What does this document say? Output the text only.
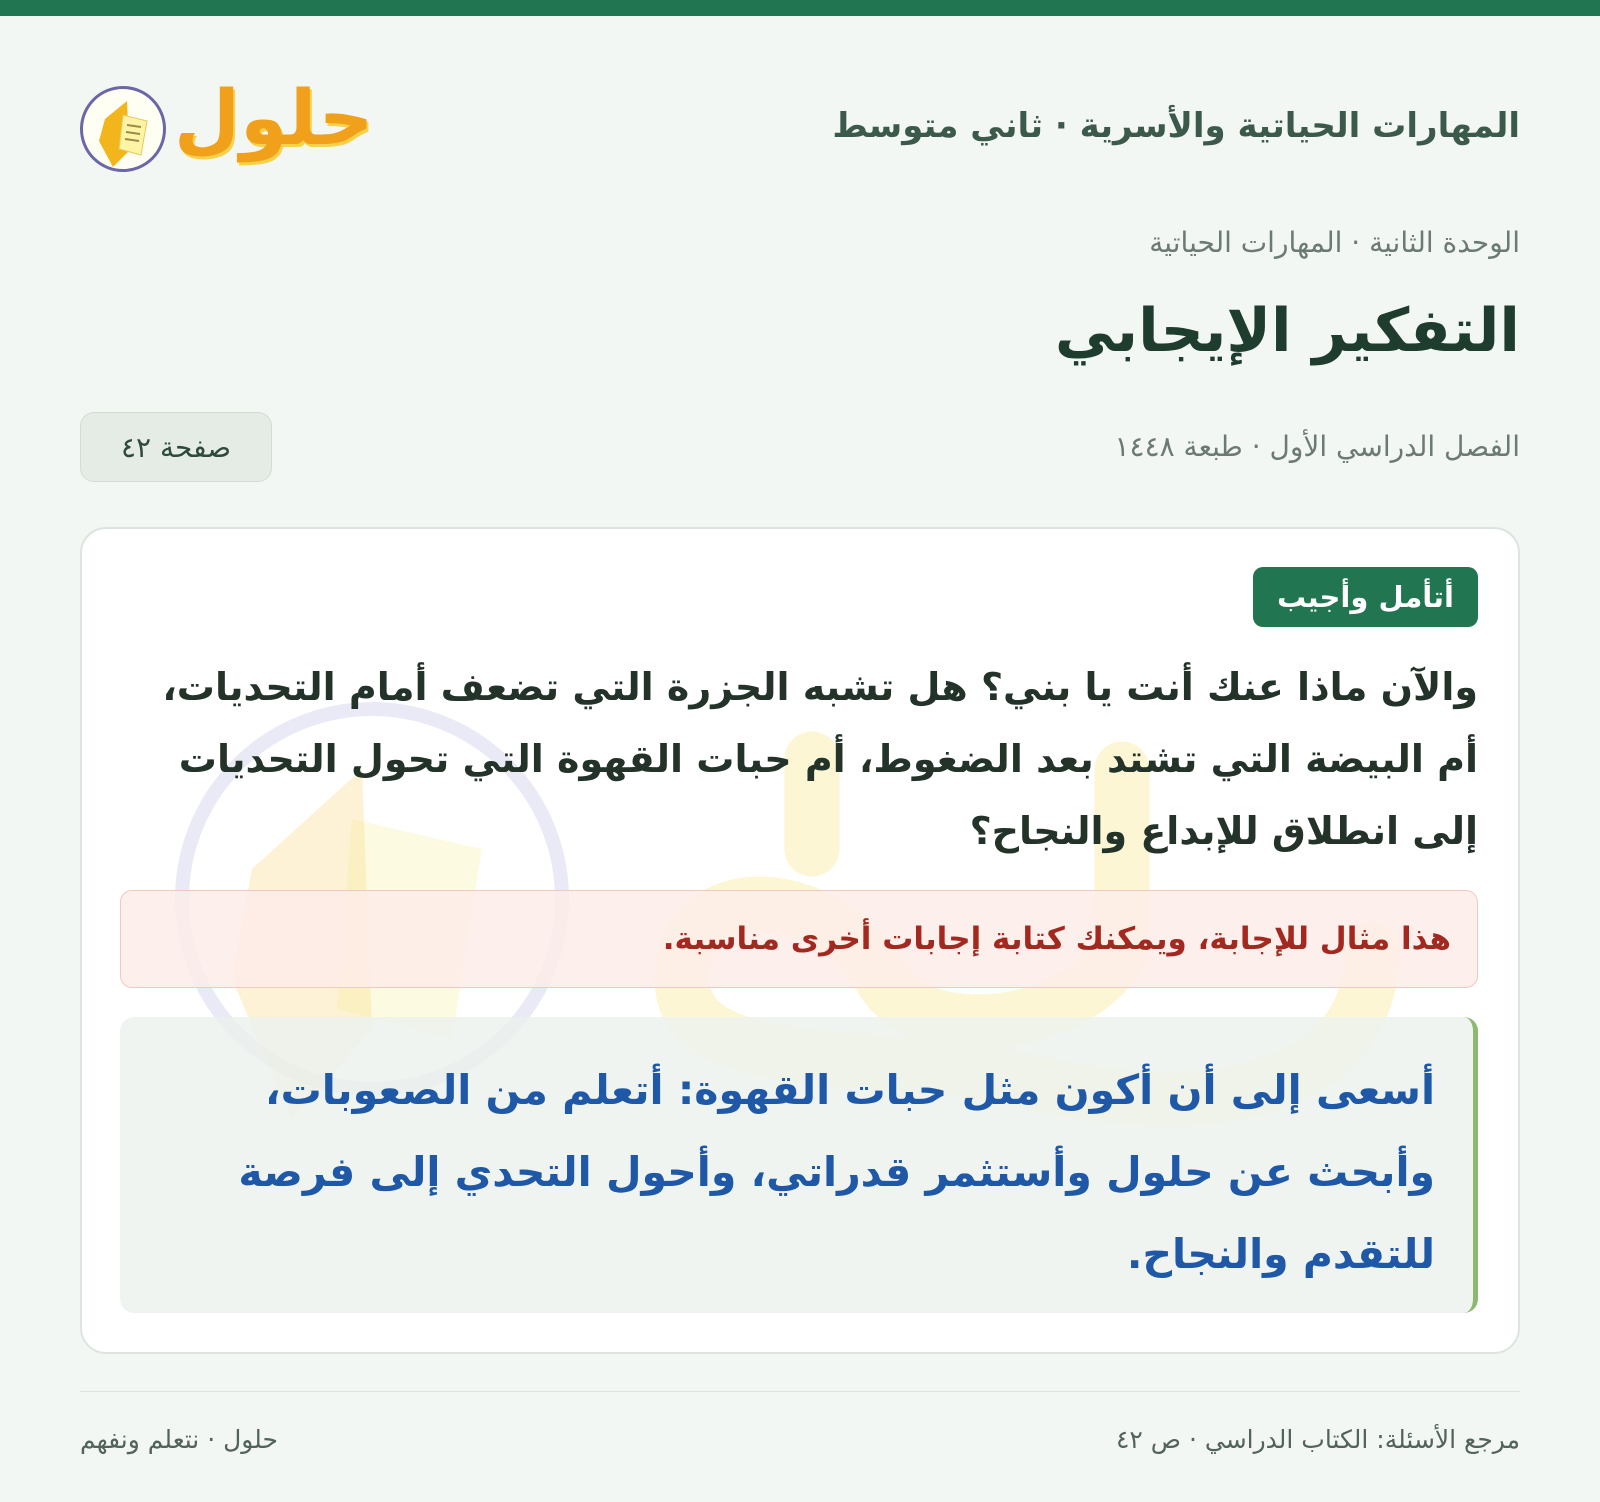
المهارات الحياتية والأسرية · ثاني متوسط
حلول
الوحدة الثانية · المهارات الحياتية
التفكير الإيجابي
الفصل الدراسي الأول · طبعة ١٤٤٨
صفحة ٤٢
أتأمل وأجيب
والآن ماذا عنك أنت يا بني؟ هل تشبه الجزرة التي تضعف أمام التحديات، أم البيضة التي تشتد بعد الضغوط، أم حبات القهوة التي تحول التحديات إلى انطلاق للإبداع والنجاح؟
هذا مثال للإجابة، ويمكنك كتابة إجابات أخرى مناسبة.
أسعى إلى أن أكون مثل حبات القهوة: أتعلم من الصعوبات، وأبحث عن حلول وأستثمر قدراتي، وأحول التحدي إلى فرصة للتقدم والنجاح.
مرجع الأسئلة: الكتاب الدراسي · ص ٤٢
حلول · نتعلم ونفهم
